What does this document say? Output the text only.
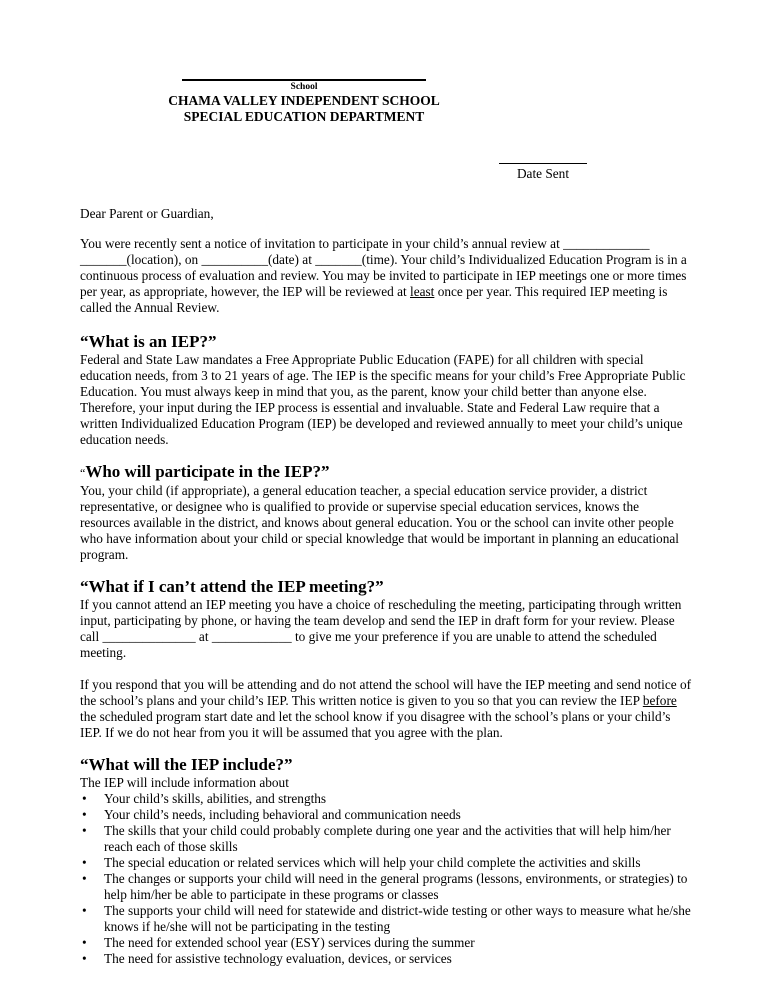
School
CHAMA VALLEY INDEPENDENT SCHOOL
SPECIAL EDUCATION DEPARTMENT
Date Sent
Dear Parent or Guardian,

You were recently sent a notice of invitation to participate in your child’s annual review at _____________ _______(location), on __________(date) at _______(time). Your child’s Individualized Education Program is in a continuous process of evaluation and review. You may be invited to participate in IEP meetings one or more times per year, as appropriate, however, the IEP will be reviewed at least once per year. This required IEP meeting is called the Annual Review.

“What is an IEP?”
Federal and State Law mandates a Free Appropriate Public Education (FAPE) for all children with special education needs, from 3 to 21 years of age. The IEP is the specific means for your child’s Free Appropriate Public Education. You must always keep in mind that you, as the parent, know your child better than anyone else. Therefore, your input during the IEP process is essential and invaluable. State and Federal Law require that a written Individualized Education Program (IEP) be developed and reviewed annually to meet your child’s unique education needs.
“Who will participate in the IEP?”
You, your child (if appropriate), a general education teacher, a special education service provider, a district representative, or designee who is qualified to provide or supervise special education services, knows the resources available in the district, and knows about general education. You or the school can invite other people who have information about your child or special knowledge that would be important in planning an educational program.
“What if I can’t attend the IEP meeting?”

If you cannot attend an IEP meeting you have a choice of rescheduling the meeting, participating through written input, participating by phone, or having the team develop and send the IEP in draft form for your review. Please call ______________ at ____________ to give me your preference if you are unable to attend the scheduled meeting.

If you respond that you will be attending and do not attend the school will have the IEP meeting and send notice of the school’s plans and your child’s IEP. This written notice is given to you so that you can review the IEP before the scheduled program start date and let the school know if you disagree with the school’s plans or your child’s IEP. If we do not hear from you it will be assumed that you agree with the plan.
“What will the IEP include?”
The IEP will include information about
• Your child’s skills, abilities, and strengths
• Your child’s needs, including behavioral and communication needs
• The skills that your child could probably complete during one year and the activities that will help him/her reach each of those skills
• The special education or related services which will help your child complete the activities and skills
• The changes or supports your child will need in the general programs (lessons, environments, or strategies) to help him/her be able to participate in these programs or classes
• The supports your child will need for statewide and district-wide testing or other ways to measure what he/she knows if he/she will not be participating in the testing
• The need for extended school year (ESY) services during the summer
• The need for assistive technology evaluation, devices, or services
